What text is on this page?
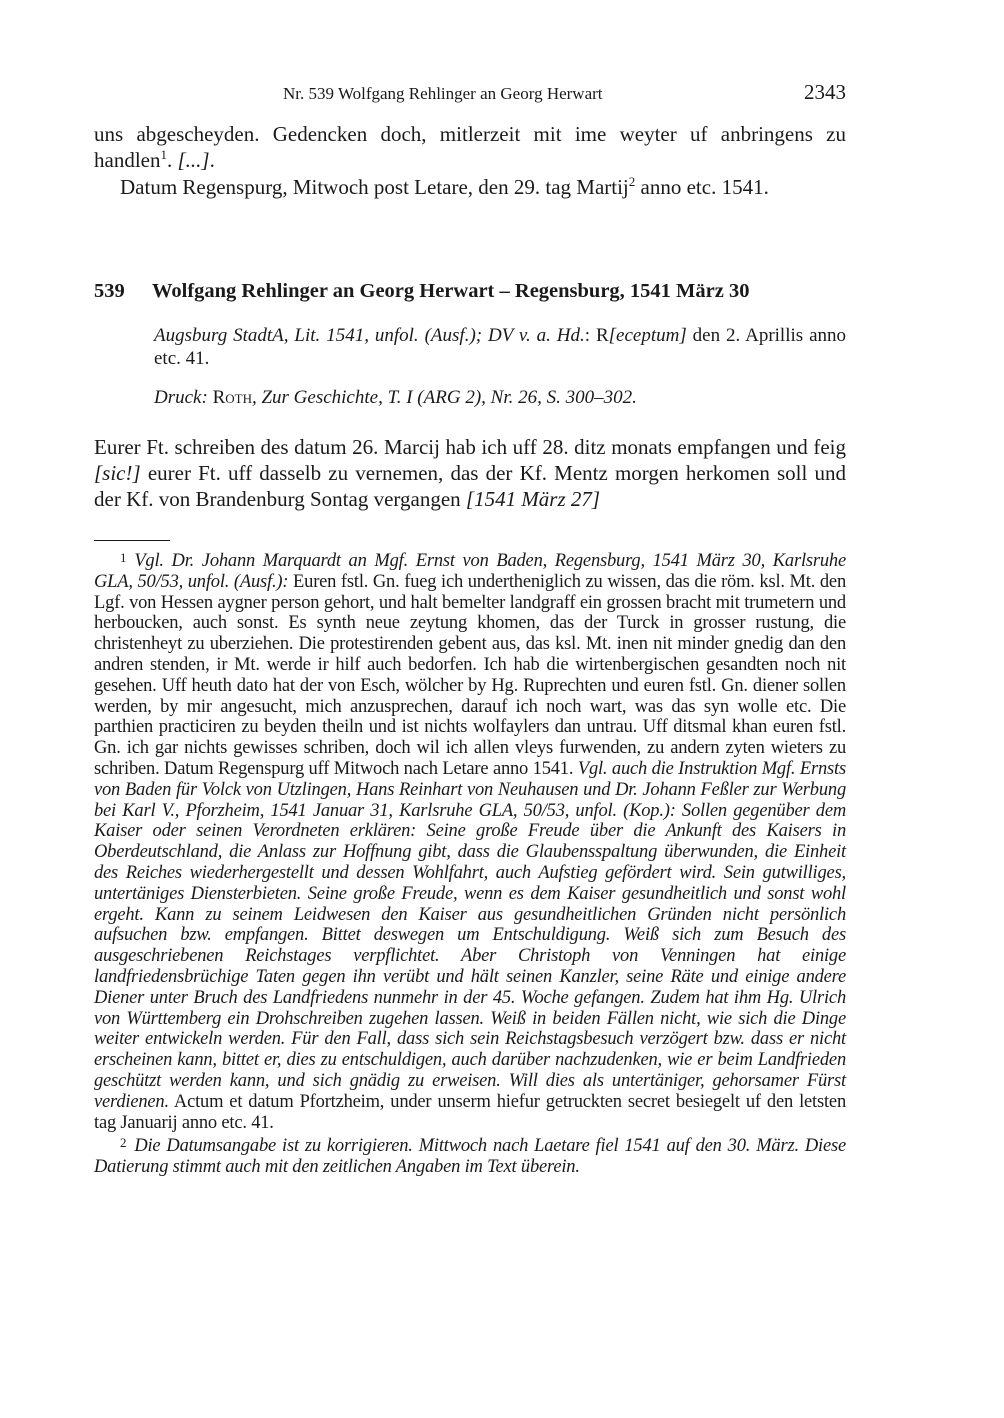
Nr. 539 Wolfgang Rehlinger an Georg Herwart	2343
uns abgescheyden. Gedencken doch, mitlerzeit mit ime weyter uf anbringens zu handlen$^1$. [...].
Datum Regenspurg, Mitwoch post Letare, den 29. tag Martij$^2$ anno etc. 1541.
539 Wolfgang Rehlinger an Georg Herwart – Regensburg, 1541 März 30
Augsburg StadtA, Lit. 1541, unfol. (Ausf.); DV v. a. Hd.: R[eceptum] den 2. Aprillis anno etc. 41.
Druck: Roth, Zur Geschichte, T. I (ARG 2), Nr. 26, S. 300–302.
Eurer Ft. schreiben des datum 26. Marcij hab ich uff 28. ditz monats empfangen und feig [sic!] eurer Ft. uff dasselb zu vernemen, das der Kf. Mentz morgen herkomen soll und der Kf. von Brandenburg Sontag vergangen [1541 März 27]

$^1$ Vgl. Dr. Johann Marquardt an Mgf. Ernst von Baden, Regensburg, 1541 März 30, Karlsruhe GLA, 50/53, unfol. (Ausf.): Euren fstl. Gn. fueg ich undertheniglich zu wissen, das die röm. ksl. Mt. den Lgf. von Hessen aygner person gehort, und halt bemelter landgraff ein grossen bracht mit trumetern und herboucken, auch sonst. Es synth neue zeytung khomen, das der Turck in grosser rustung, die christenheyt zu uberziehen. Die protestirenden gebent aus, das ksl. Mt. inen nit minder gnedig dan den andren stenden, ir Mt. werde ir hilf auch bedorfen. Ich hab die wirtenbergischen gesandten noch nit gesehen. Uff heuth dato hat der von Esch, wölcher by Hg. Ruprechten und euren fstl. Gn. diener sollen werden, by mir angesucht, mich anzusprechen, darauf ich noch wart, was das syn wolle etc. Die parthien practiciren zu beyden theiln und ist nichts wolfaylers dan untrau. Uff ditsmal khan euren fstl. Gn. ich gar nichts gewisses schriben, doch wil ich allen vleys furwenden, zu andern zyten wieters zu schriben. Datum Regenspurg uff Mitwoch nach Letare anno 1541. Vgl. auch die Instruktion Mgf. Ernsts von Baden für Volck von Utzlingen, Hans Reinhart von Neuhausen und Dr. Johann Feßler zur Werbung bei Karl V., Pforzheim, 1541 Januar 31, Karlsruhe GLA, 50/53, unfol. (Kop.): Sollen gegenüber dem Kaiser oder seinen Verordneten erklären: Seine große Freude über die Ankunft des Kaisers in Oberdeutschland, die Anlass zur Hoffnung gibt, dass die Glaubensspaltung überwunden, die Einheit des Reiches wiederhergestellt und dessen Wohlfahrt, auch Aufstieg gefördert wird. Sein gutwilliges, untertäniges Diensterbieten. Seine große Freude, wenn es dem Kaiser gesundheitlich und sonst wohl ergeht. Kann zu seinem Leidwesen den Kaiser aus gesundheitlichen Gründen nicht persönlich aufsuchen bzw. empfangen. Bittet deswegen um Entschuldigung. Weiß sich zum Besuch des ausgeschriebenen Reichstages verpflichtet. Aber Christoph von Venningen hat einige landfriedensbrüchige Taten gegen ihn verübt und hält seinen Kanzler, seine Räte und einige andere Diener unter Bruch des Landfriedens nunmehr in der 45. Woche gefangen. Zudem hat ihm Hg. Ulrich von Württemberg ein Drohschreiben zugehen lassen. Weiß in beiden Fällen nicht, wie sich die Dinge weiter entwickeln werden. Für den Fall, dass sich sein Reichstagsbesuch verzögert bzw. dass er nicht erscheinen kann, bittet er, dies zu entschuldigen, auch darüber nachzudenken, wie er beim Landfrieden geschützt werden kann, und sich gnädig zu erweisen. Will dies als untertäniger, gehorsamer Fürst verdienen. Actum et datum Pfortzheim, under unserm hiefur getruckten secret besiegelt uf den letsten tag Januarij anno etc. 41.

$^2$ Die Datumsangabe ist zu korrigieren. Mittwoch nach Laetare fiel 1541 auf den 30. März. Diese Datierung stimmt auch mit den zeitlichen Angaben im Text überein.
